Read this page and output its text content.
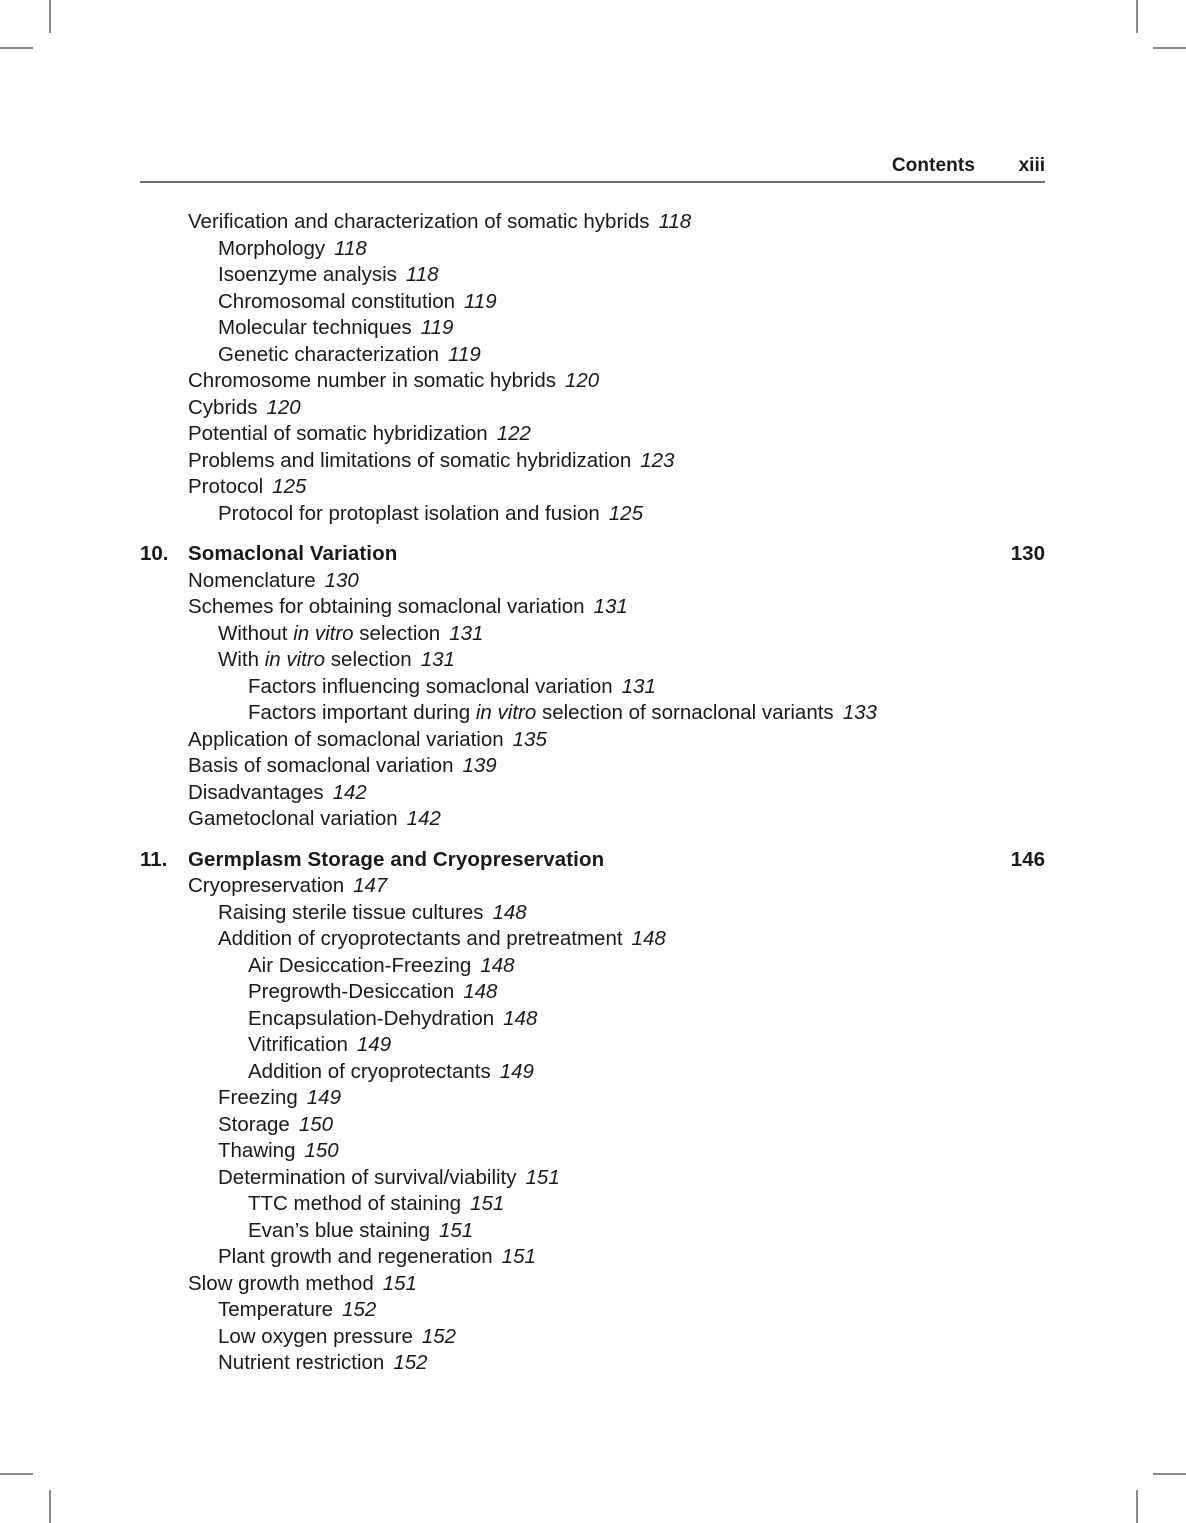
Contents	xiii
Verification and characterization of somatic hybrids 118
Morphology 118
Isoenzyme analysis 118
Chromosomal constitution 119
Molecular techniques 119
Genetic characterization 119
Chromosome number in somatic hybrids 120
Cybrids 120
Potential of somatic hybridization 122
Problems and limitations of somatic hybridization 123
Protocol 125
Protocol for protoplast isolation and fusion 125
10. Somaclonal Variation	130
Nomenclature 130
Schemes for obtaining somaclonal variation 131
Without in vitro selection 131
With in vitro selection 131
Factors influencing somaclonal variation 131
Factors important during in vitro selection of sornaclonal variants 133
Application of somaclonal variation 135
Basis of somaclonal variation 139
Disadvantages 142
Gametoclonal variation 142
11.	Germplasm Storage and Cryopreservation	146
Cryopreservation 147
Raising sterile tissue cultures 148
Addition of cryoprotectants and pretreatment 148
Air Desiccation-Freezing 148
Pregrowth-Desiccation 148
Encapsulation-Dehydration 148
Vitrification 149
Addition of cryoprotectants 149
Freezing 149
Storage 150
Thawing 150
Determination of survival/viability 151
TTC method of staining 151
Evan’s blue staining 151
Plant growth and regeneration 151
Slow growth method 151
Temperature 152
Low oxygen pressure 152
Nutrient restriction 152
